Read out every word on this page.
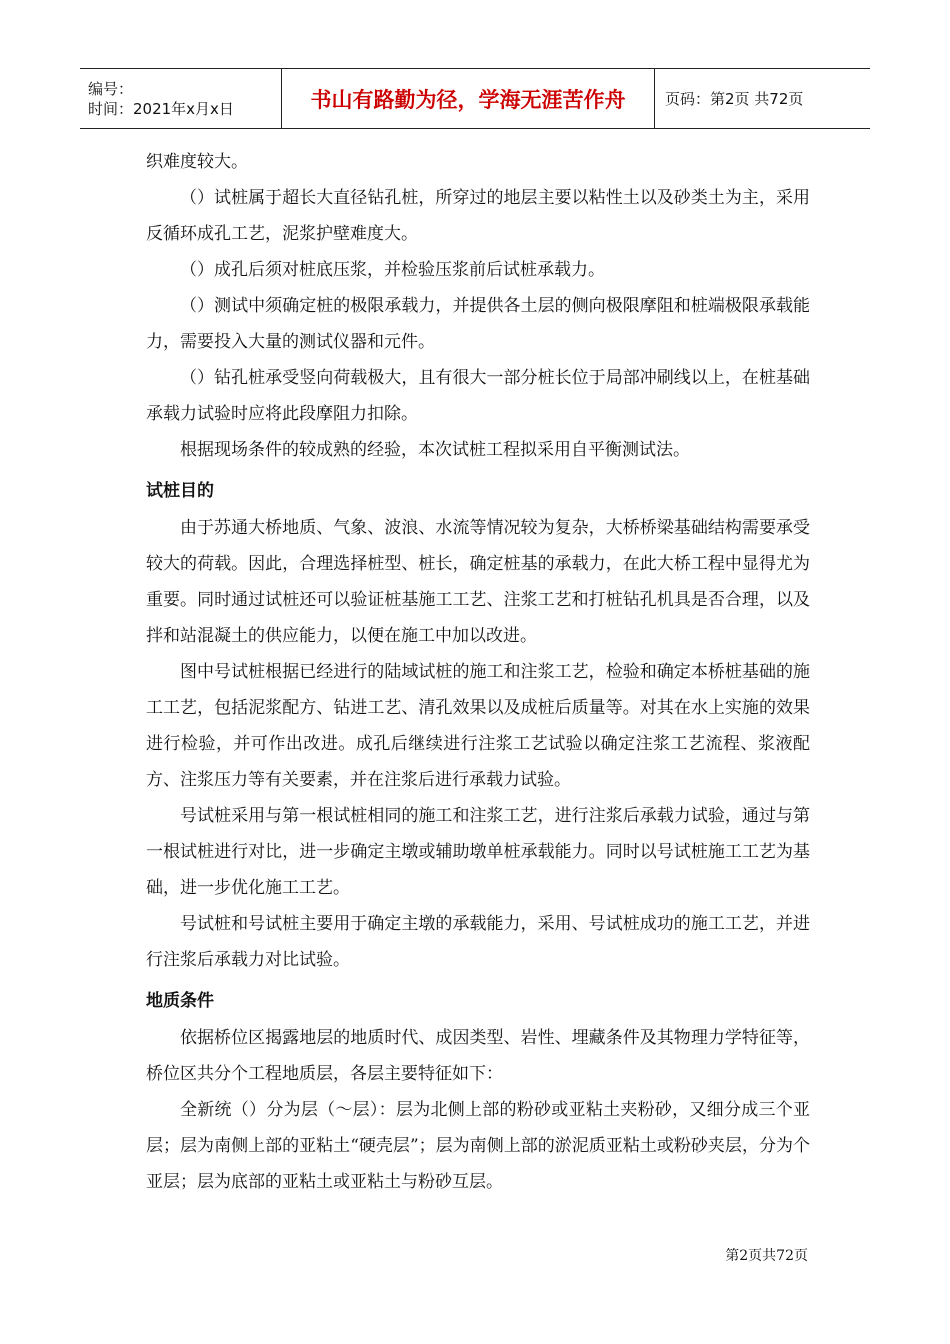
编号：
时间：2021年x月x日	书山有路勤为径，学海无涯苦作舟	页码：第2页 共72页

织难度较大。

（）试桩属于超长大直径钻孔桩，所穿过的地层主要以粘性土以及砂类土为主，采用反循环成孔工艺，泥浆护壁难度大。

（）成孔后须对桩底压浆，并检验压浆前后试桩承载力。

（）测试中须确定桩的极限承载力，并提供各土层的侧向极限摩阻和桩端极限承载能力，需要投入大量的测试仪器和元件。

（）钻孔桩承受竖向荷载极大，且有很大一部分桩长位于局部冲刷线以上，在桩基础承载力试验时应将此段摩阻力扣除。

根据现场条件的较成熟的经验，本次试桩工程拟采用自平衡测试法。

试桩目的

由于苏通大桥地质、气象、波浪、水流等情况较为复杂，大桥桥梁基础结构需要承受较大的荷载。因此，合理选择桩型、桩长，确定桩基的承载力，在此大桥工程中显得尤为重要。同时通过试桩还可以验证桩基施工工艺、注浆工艺和打桩钻孔机具是否合理，以及拌和站混凝土的供应能力，以便在施工中加以改进。

图中号试桩根据已经进行的陆域试桩的施工和注浆工艺，检验和确定本桥桩基础的施工工艺，包括泥浆配方、钻进工艺、清孔效果以及成桩后质量等。对其在水上实施的效果进行检验，并可作出改进。成孔后继续进行注浆工艺试验以确定注浆工艺流程、浆液配方、注浆压力等有关要素，并在注浆后进行承载力试验。

号试桩采用与第一根试桩相同的施工和注浆工艺，进行注浆后承载力试验，通过与第一根试桩进行对比，进一步确定主墩或辅助墩单桩承载能力。同时以号试桩施工工艺为基础，进一步优化施工工艺。

号试桩和号试桩主要用于确定主墩的承载能力，采用、号试桩成功的施工工艺，并进行注浆后承载力对比试验。

地质条件

依据桥位区揭露地层的地质时代、成因类型、岩性、埋藏条件及其物理力学特征等，桥位区共分个工程地质层，各层主要特征如下：

全新统（）分为层（～层）：层为北侧上部的粉砂或亚粘土夹粉砂，又细分成三个亚层；层为南侧上部的亚粘土“硬壳层”；层为南侧上部的淤泥质亚粘土或粉砂夹层，分为个亚层；层为底部的亚粘土或亚粘土与粉砂互层。

第2页共72页
